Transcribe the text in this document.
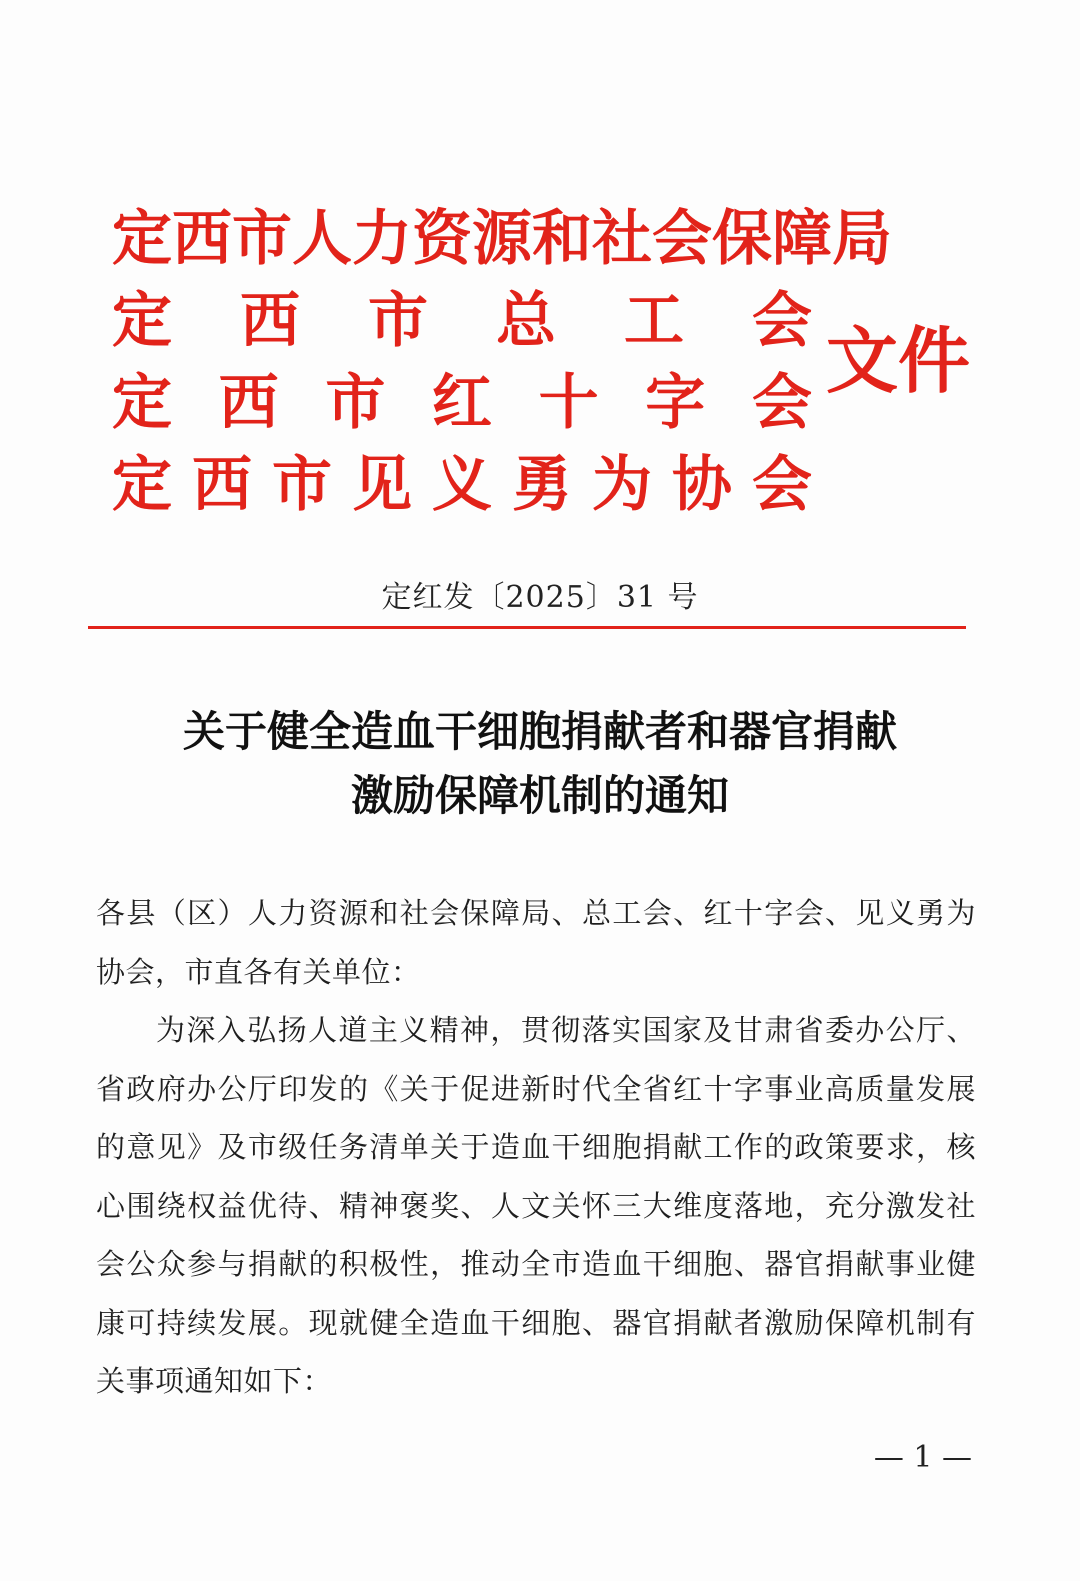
定 西 市 人 力 资 源 和 社 会 保 障 局
定 西 市 总 工 会
定 西 市 红 十 字 会
定 西 市 见 义 勇 为 协 会
文件
定红发〔2025〕31 号
关于健全造血干细胞捐献者和器官捐献
激励保障机制的通知

各县（区）人力资源和社会保障局、总工会、红十字会、见义勇为协会，市直各有关单位：

为深入弘扬人道主义精神，贯彻落实国家及甘肃省委办公厅、省政府办公厅印发的《关于促进新时代全省红十字事业高质量发展的意见》及市级任务清单关于造血干细胞捐献工作的政策要求，核心围绕权益优待、精神褒奖、人文关怀三大维度落地，充分激发社会公众参与捐献的积极性，推动全市造血干细胞、器官捐献事业健康可持续发展。现就健全造血干细胞、器官捐献者激励保障机制有关事项通知如下：

— 1 —
